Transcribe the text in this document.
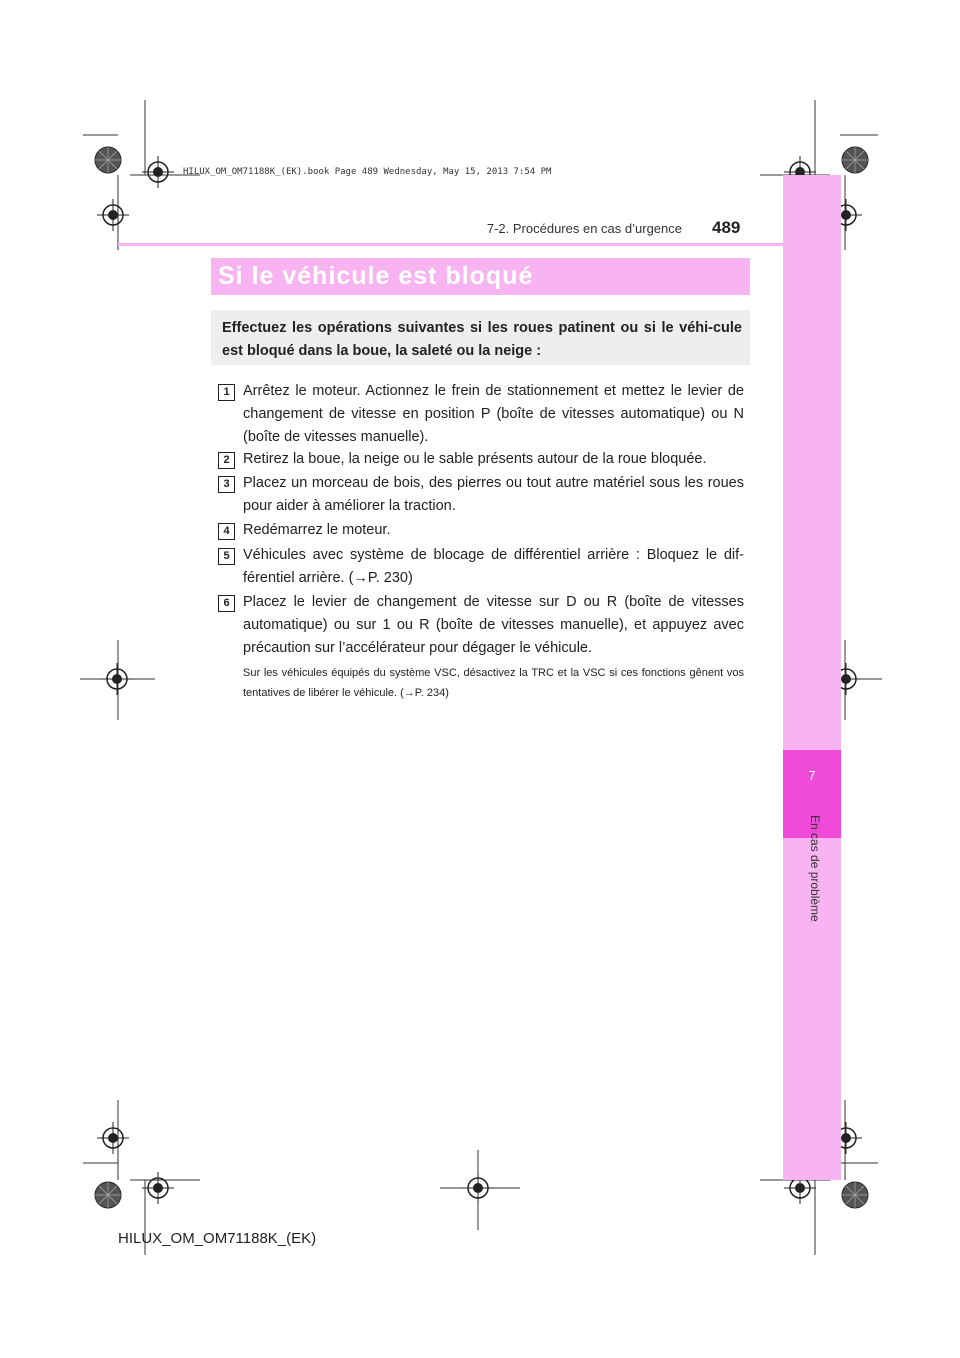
HILUX_OM_OM71188K_(EK).book Page 489 Wednesday, May 15, 2013 7:54 PM
7
En cas de problème
7-2. Procédures en cas d’urgence 489
Si le véhicule est bloqué
Effectuez les opérations suivantes si les roues patinent ou si le véhi-cule est bloqué dans la boue, la saleté ou la neige :
1 Arrêtez le moteur. Actionnez le frein de stationnement et mettez le levier de changement de vitesse en position P (boîte de vitesses automatique) ou N (boîte de vitesses manuelle).
2 Retirez la boue, la neige ou le sable présents autour de la roue bloquée.
3 Placez un morceau de bois, des pierres ou tout autre matériel sous les roues pour aider à améliorer la traction.
4 Redémarrez le moteur.
5 Véhicules avec système de blocage de différentiel arrière : Bloquez le dif-férentiel arrière. (→P. 230)
6 Placez le levier de changement de vitesse sur D ou R (boîte de vitesses automatique) ou sur 1 ou R (boîte de vitesses manuelle), et appuyez avec précaution sur l’accélérateur pour dégager le véhicule.
Sur les véhicules équipés du système VSC, désactivez la TRC et la VSC si ces fonctions gênent vos tentatives de libérer le véhicule. (→P. 234)
HILUX_OM_OM71188K_(EK)
